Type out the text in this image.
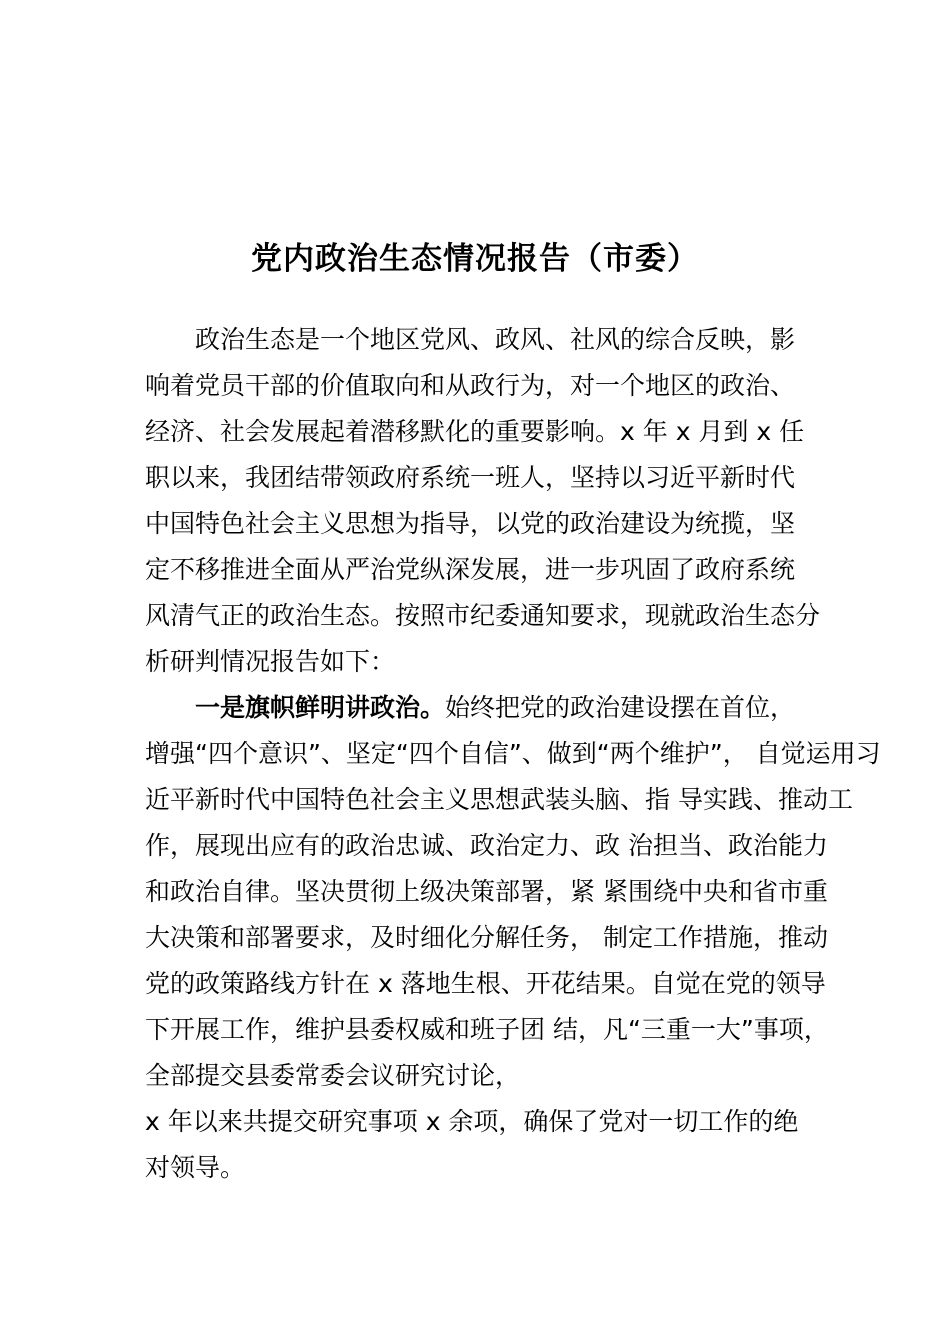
党内政治生态情况报告（市委）
政治生态是一个地区党风、政风、社风的综合反映，影
响着党员干部的价值取向和从政行为，对一个地区的政治、
经济、社会发展起着潜移默化的重要影响。x 年 x 月到 x 任
职以来，我团结带领政府系统一班人，坚持以习近平新时代
中国特色社会主义思想为指导，以党的政治建设为统揽，坚
定不移推进全面从严治党纵深发展，进一步巩固了政府系统
风清气正的政治生态。按照市纪委通知要求，现就政治生态分
析研判情况报告如下：
一是旗帜鲜明讲政治。始终把党的政治建设摆在首位，
增强“四个意识”、坚定“四个自信”、做到“两个维护”， 自觉运用习
近平新时代中国特色社会主义思想武装头脑、指 导实践、推动工
作，展现出应有的政治忠诚、政治定力、政 治担当、政治能力
和政治自律。坚决贯彻上级决策部署，紧 紧围绕中央和省市重
大决策和部署要求，及时细化分解任务， 制定工作措施，推动
党的政策路线方针在 x 落地生根、开花结果。自觉在党的领导
下开展工作，维护县委权威和班子团 结，凡“三重一大”事项，
全部提交县委常委会议研究讨论，
x 年以来共提交研究事项 x 余项，确保了党对一切工作的绝
对领导。
